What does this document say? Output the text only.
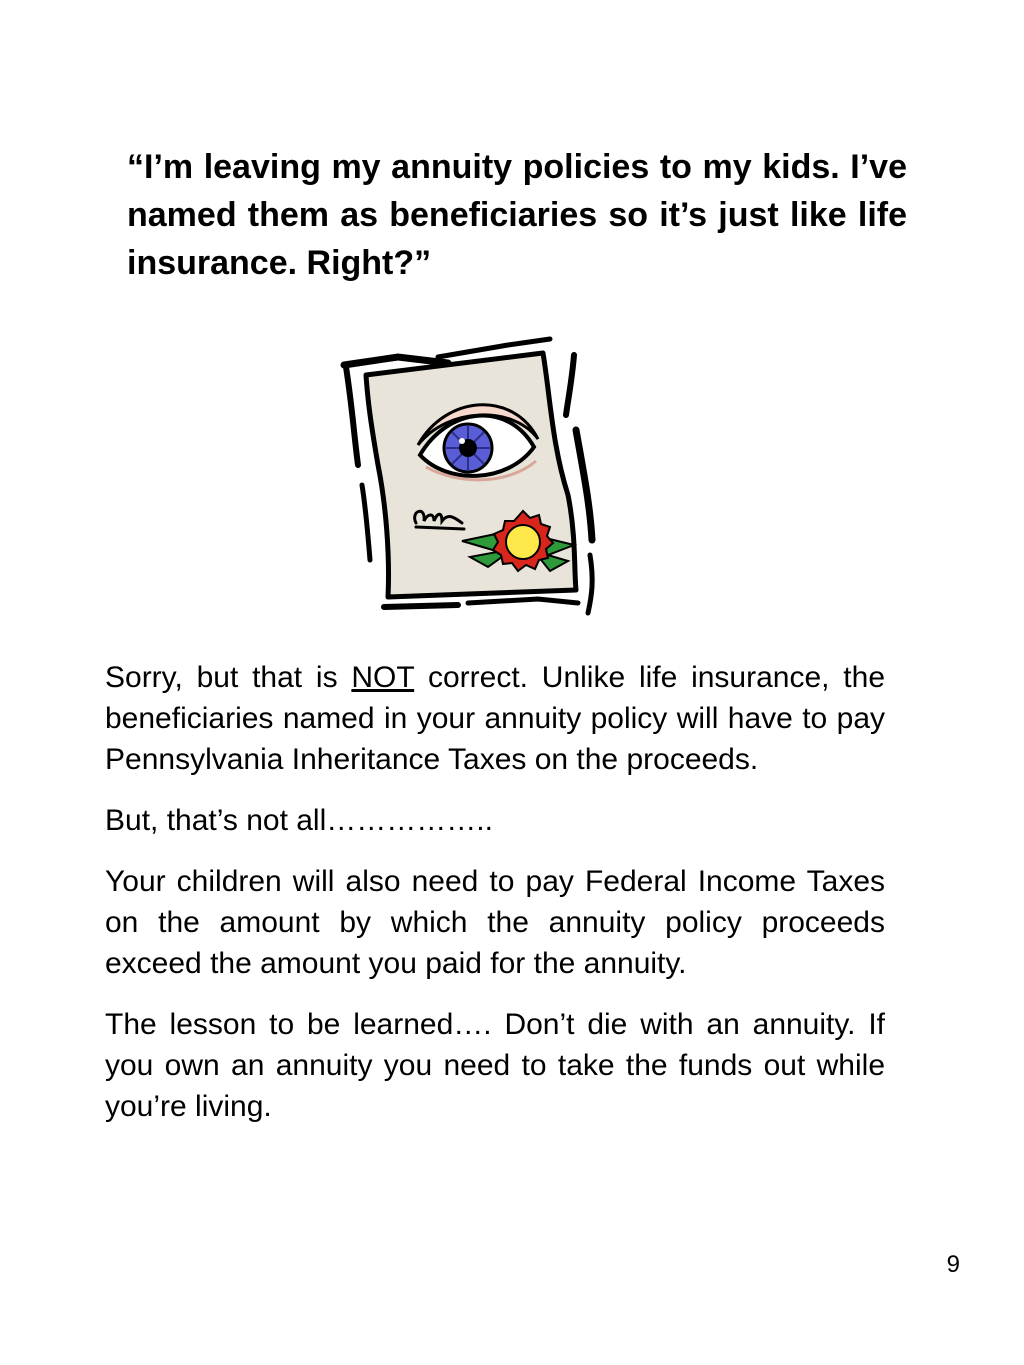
“I’m leaving my annuity policies to my kids. I’ve named them as beneficiaries so it’s just like life insurance. Right?”

Sorry, but that is NOT correct. Unlike life insurance, the beneficiaries named in your annuity policy will have to pay Pennsylvania Inheritance Taxes on the proceeds.

But, that’s not all……………..

Your children will also need to pay Federal Income Taxes on the amount by which the annuity policy proceeds exceed the amount you paid for the annuity.

The lesson to be learned…. Don’t die with an annuity. If you own an annuity you need to take the funds out while you’re living.

9
